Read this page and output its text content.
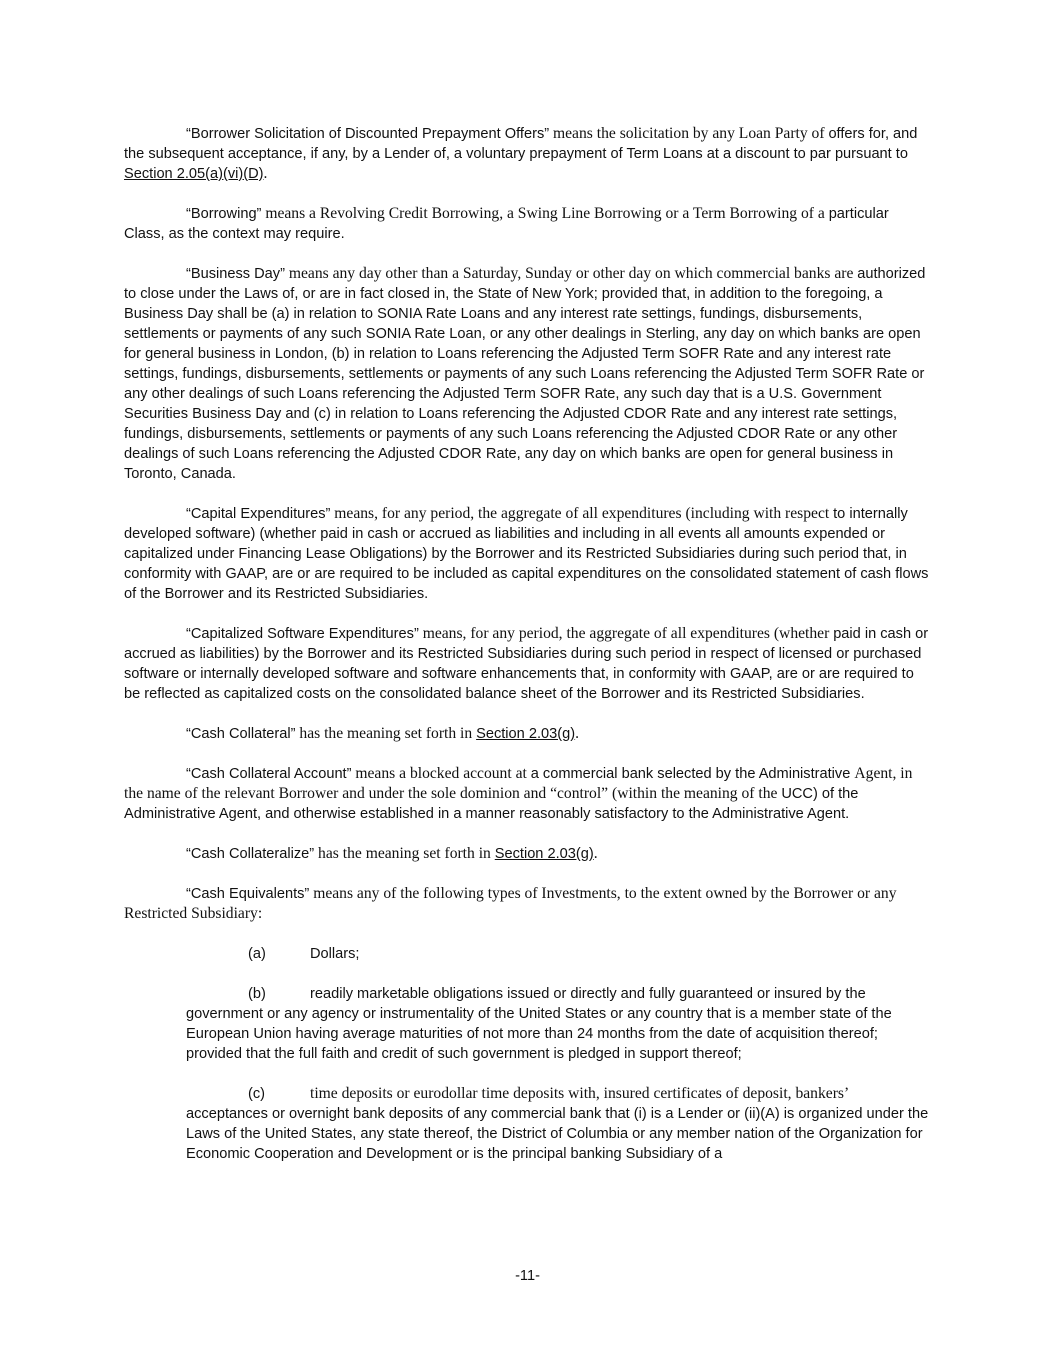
“Borrower Solicitation of Discounted Prepayment Offers” means the solicitation by any Loan Party of offers for, and the subsequent acceptance, if any, by a Lender of, a voluntary prepayment of Term Loans at a discount to par pursuant to Section 2.05(a)(vi)(D).

“Borrowing” means a Revolving Credit Borrowing, a Swing Line Borrowing or a Term Borrowing of a particular Class, as the context may require.

“Business Day” means any day other than a Saturday, Sunday or other day on which commercial banks are authorized to close under the Laws of, or are in fact closed in, the State of New York; provided that, in addition to the foregoing, a Business Day shall be (a) in relation to SONIA Rate Loans and any interest rate settings, fundings, disbursements, settlements or payments of any such SONIA Rate Loan, or any other dealings in Sterling, any day on which banks are open for general business in London, (b) in relation to Loans referencing the Adjusted Term SOFR Rate and any interest rate settings, fundings, disbursements, settlements or payments of any such Loans referencing the Adjusted Term SOFR Rate or any other dealings of such Loans referencing the Adjusted Term SOFR Rate, any such day that is a U.S. Government Securities Business Day and (c) in relation to Loans referencing the Adjusted CDOR Rate and any interest rate settings, fundings, disbursements, settlements or payments of any such Loans referencing the Adjusted CDOR Rate or any other dealings of such Loans referencing the Adjusted CDOR Rate, any day on which banks are open for general business in Toronto, Canada.

“Capital Expenditures” means, for any period, the aggregate of all expenditures (including with respect to internally developed software) (whether paid in cash or accrued as liabilities and including in all events all amounts expended or capitalized under Financing Lease Obligations) by the Borrower and its Restricted Subsidiaries during such period that, in conformity with GAAP, are or are required to be included as capital expenditures on the consolidated statement of cash flows of the Borrower and its Restricted Subsidiaries.

“Capitalized Software Expenditures” means, for any period, the aggregate of all expenditures (whether paid in cash or accrued as liabilities) by the Borrower and its Restricted Subsidiaries during such period in respect of licensed or purchased software or internally developed software and software enhancements that, in conformity with GAAP, are or are required to be reflected as capitalized costs on the consolidated balance sheet of the Borrower and its Restricted Subsidiaries.

“Cash Collateral” has the meaning set forth in Section 2.03(g).

“Cash Collateral Account” means a blocked account at a commercial bank selected by the Administrative Agent, in the name of the relevant Borrower and under the sole dominion and “control” (within the meaning of the UCC) of the Administrative Agent, and otherwise established in a manner reasonably satisfactory to the Administrative Agent.

“Cash Collateralize” has the meaning set forth in Section 2.03(g).

“Cash Equivalents” means any of the following types of Investments, to the extent owned by the Borrower or any Restricted Subsidiary:

(a)	Dollars;

(b)	readily marketable obligations issued or directly and fully guaranteed or insured by the government or any agency or instrumentality of the United States or any country that is a member state of the European Union having average maturities of not more than 24 months from the date of acquisition thereof; provided that the full faith and credit of such government is pledged in support thereof;

(c)	time deposits or eurodollar time deposits with, insured certificates of deposit, bankers’ acceptances or overnight bank deposits of any commercial bank that (i) is a Lender or (ii)(A) is organized under the Laws of the United States, any state thereof, the District of Columbia or any member nation of the Organization for Economic Cooperation and Development or is the principal banking Subsidiary of a

-11-
